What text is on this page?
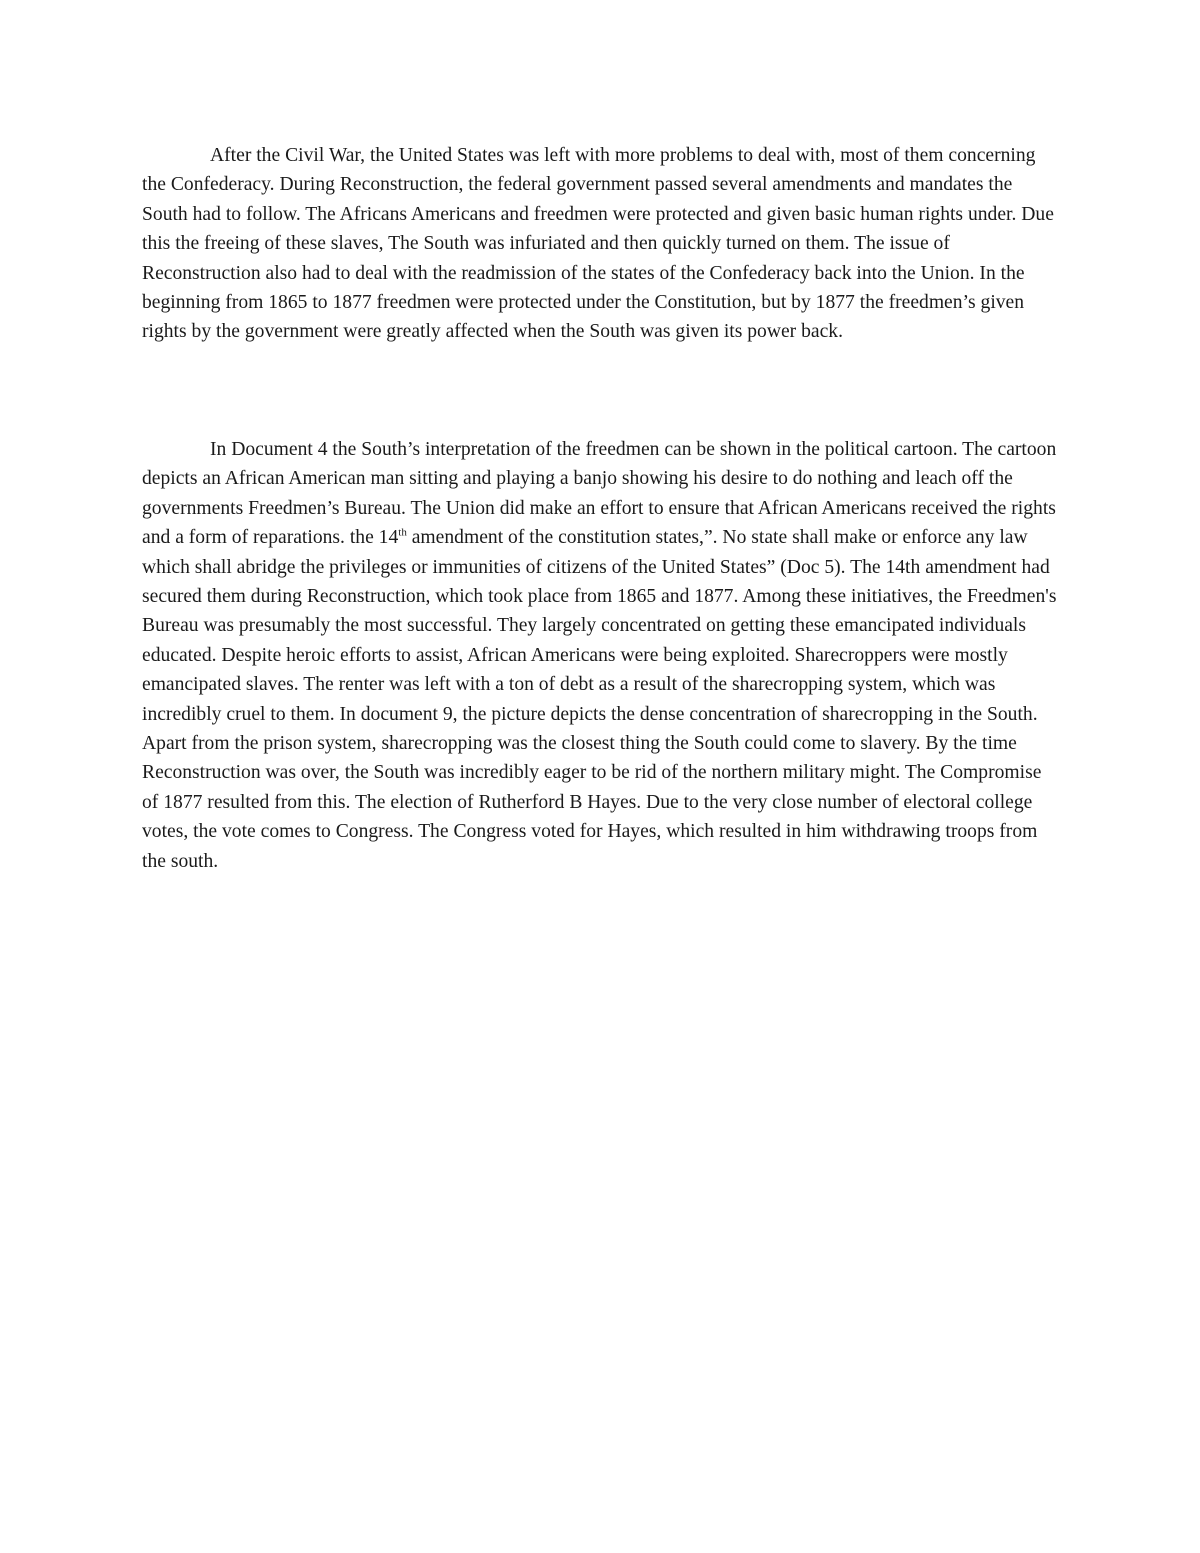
After the Civil War, the United States was left with more problems to deal with, most of them concerning the Confederacy. During Reconstruction, the federal government passed several amendments and mandates the South had to follow. The Africans Americans and freedmen were protected and given basic human rights under. Due this the freeing of these slaves, The South was infuriated and then quickly turned on them. The issue of Reconstruction also had to deal with the readmission of the states of the Confederacy back into the Union. In the beginning from 1865 to 1877 freedmen were protected under the Constitution, but by 1877 the freedmen’s given rights by the government were greatly affected when the South was given its power back.

In Document 4 the South’s interpretation of the freedmen can be shown in the political cartoon. The cartoon depicts an African American man sitting and playing a banjo showing his desire to do nothing and leach off the governments Freedmen’s Bureau. The Union did make an effort to ensure that African Americans received the rights and a form of reparations. the 14th amendment of the constitution states,”. No state shall make or enforce any law which shall abridge the privileges or immunities of citizens of the United States” (Doc 5). The 14th amendment had secured them during Reconstruction, which took place from 1865 and 1877. Among these initiatives, the Freedmen's Bureau was presumably the most successful. They largely concentrated on getting these emancipated individuals educated. Despite heroic efforts to assist, African Americans were being exploited. Sharecroppers were mostly emancipated slaves. The renter was left with a ton of debt as a result of the sharecropping system, which was incredibly cruel to them. In document 9, the picture depicts the dense concentration of sharecropping in the South. Apart from the prison system, sharecropping was the closest thing the South could come to slavery. By the time Reconstruction was over, the South was incredibly eager to be rid of the northern military might. The Compromise of 1877 resulted from this. The election of Rutherford B Hayes. Due to the very close number of electoral college votes, the vote comes to Congress. The Congress voted for Hayes, which resulted in him withdrawing troops from the south.
